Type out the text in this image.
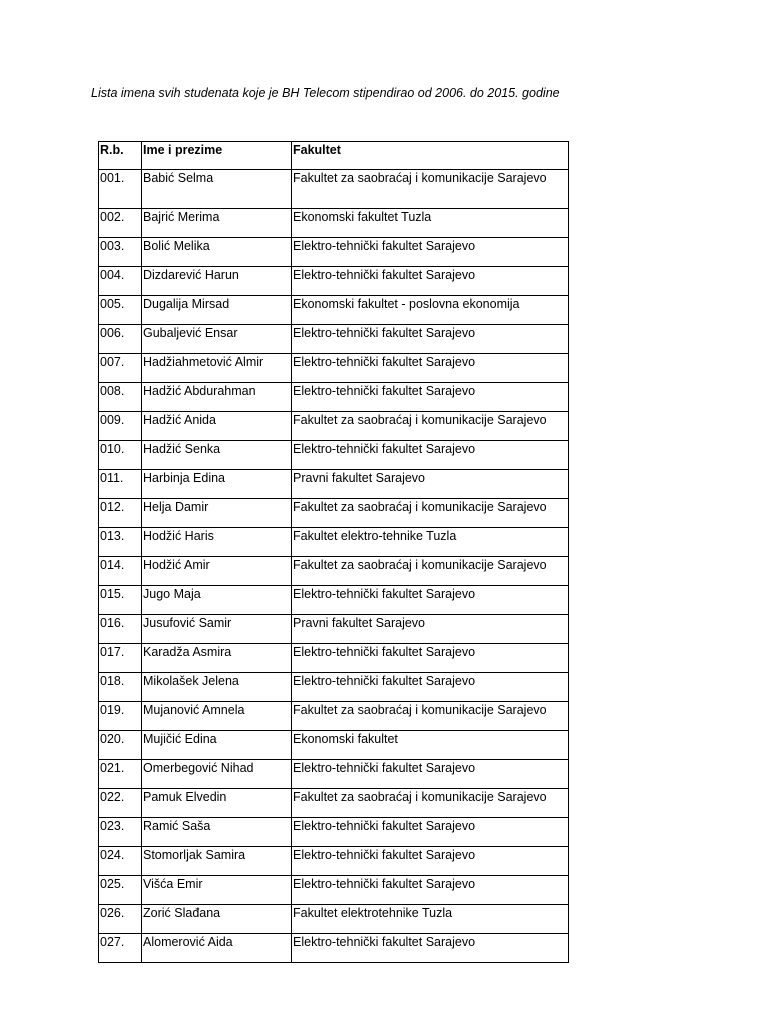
Lista imena svih studenata koje je BH Telecom stipendirao od 2006. do 2015. godine
R.b.	Ime i prezime	Fakultet
001.	Babić Selma	Fakultet za saobraćaj i komunikacije Sarajevo
002.	Bajrić Merima	Ekonomski fakultet Tuzla
003.	Bolić Melika	Elektro-tehnički fakultet Sarajevo
004.	Dizdarević Harun	Elektro-tehnički fakultet Sarajevo
005.	Dugalija Mirsad	Ekonomski fakultet - poslovna ekonomija
006.	Gubaljević Ensar	Elektro-tehnički fakultet Sarajevo
007.	Hadžiahmetović Almir	Elektro-tehnički fakultet Sarajevo
008.	Hadžić Abdurahman	Elektro-tehnički fakultet Sarajevo
009.	Hadžić Anida	Fakultet za saobraćaj i komunikacije Sarajevo
010.	Hadžić Senka	Elektro-tehnički fakultet Sarajevo
011.	Harbinja Edina	Pravni fakultet Sarajevo
012.	Helja Damir	Fakultet za saobraćaj i komunikacije Sarajevo
013.	Hodžić Haris	Fakultet elektro-tehnike Tuzla
014.	Hodžić Amir	Fakultet za saobraćaj i komunikacije Sarajevo
015.	Jugo Maja	Elektro-tehnički fakultet Sarajevo
016.	Jusufović Samir	Pravni fakultet Sarajevo
017.	Karadža Asmira	Elektro-tehnički fakultet Sarajevo
018.	Mikolašek Jelena	Elektro-tehnički fakultet Sarajevo
019.	Mujanović Amnela	Fakultet za saobraćaj i komunikacije Sarajevo
020.	Mujičić Edina	Ekonomski fakultet
021.	Omerbegović Nihad	Elektro-tehnički fakultet Sarajevo
022.	Pamuk Elvedin	Fakultet za saobraćaj i komunikacije Sarajevo
023.	Ramić Saša	Elektro-tehnički fakultet Sarajevo
024.	Stomorljak Samira	Elektro-tehnički fakultet Sarajevo
025.	Višća Emir	Elektro-tehnički fakultet Sarajevo
026.	Zorić Slađana	Fakultet elektrotehnike Tuzla
027.	Alomerović Aida	Elektro-tehnički fakultet Sarajevo
